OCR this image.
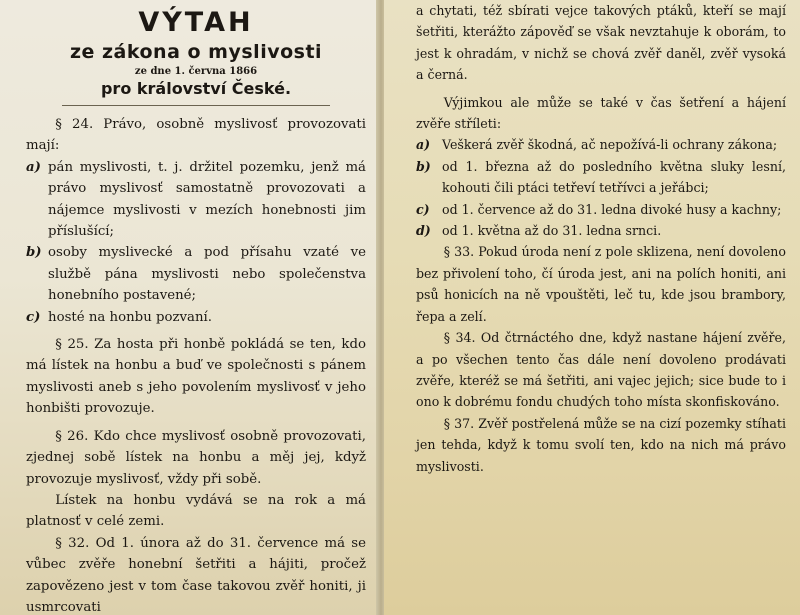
VÝTAH

ze zákona o myslivosti

ze dne 1. června 1866

pro království České.

§ 24. Právo, osobně myslivosť provozovati mají:

a) pán myslivosti, t. j. držitel pozemku, jenž má právo myslivosť samostatně provozovati a nájemce myslivosti v mezích honebnosti jim příslušící;

b) osoby myslivecké a pod přísahu vzaté ve službě pána myslivosti nebo společenstva honebního postavené;

c) hosté na honbu pozvaní.

§ 25. Za hosta při honbě pokládá se ten, kdo má lístek na honbu a buď ve společnosti s pánem myslivosti aneb s jeho povolením myslivosť v jeho honbišti provozuje.

§ 26. Kdo chce myslivosť osobně provozovati, zjednej sobě lístek na honbu a měj jej, když provozuje myslivosť, vždy při sobě.

Lístek na honbu vydává se na rok a má platnosť v celé zemi.

§ 32. Od 1. února až do 31. července má se vůbec zvěře honební šetřiti a hájiti, pročež zapovězeno jest v tom čase takovou zvěř honiti, ji usmrcovati

a chytati, též sbírati vejce takových ptáků, kteří se mají šetřiti, kterážto zápověď se však nevztahuje k oborám, to jest k ohradám, v nichž se chová zvěř daněl, zvěř vysoká a černá.

Výjimkou ale může se také v čas šetření a hájení zvěře stříleti:

a) Veškerá zvěř škodná, ač nepožívá-li ochrany zákona;

b) od 1. března až do posledního května sluky lesní, kohouti čili ptáci tetřeví tetřívci a jeřábci;

c) od 1. července až do 31. ledna divoké husy a kachny;

d) od 1. května až do 31. ledna srnci.

§ 33. Pokud úroda není z pole sklizena, není dovoleno bez přivolení toho, čí úroda jest, ani na polích honiti, ani psů honicích na ně vpouštěti, leč tu, kde jsou brambory, řepa a zelí.

§ 34. Od čtrnáctého dne, když nastane hájení zvěře, a po všechen tento čas dále není dovoleno prodávati zvěře, kteréž se má šetřiti, ani vajec jejich; sice bude to i ono k dobrému fondu chudých toho místa skonfiskováno.

§ 37. Zvěř postřelená může se na cizí pozemky stíhati jen tehda, když k tomu svolí ten, kdo na nich má právo myslivosti.
